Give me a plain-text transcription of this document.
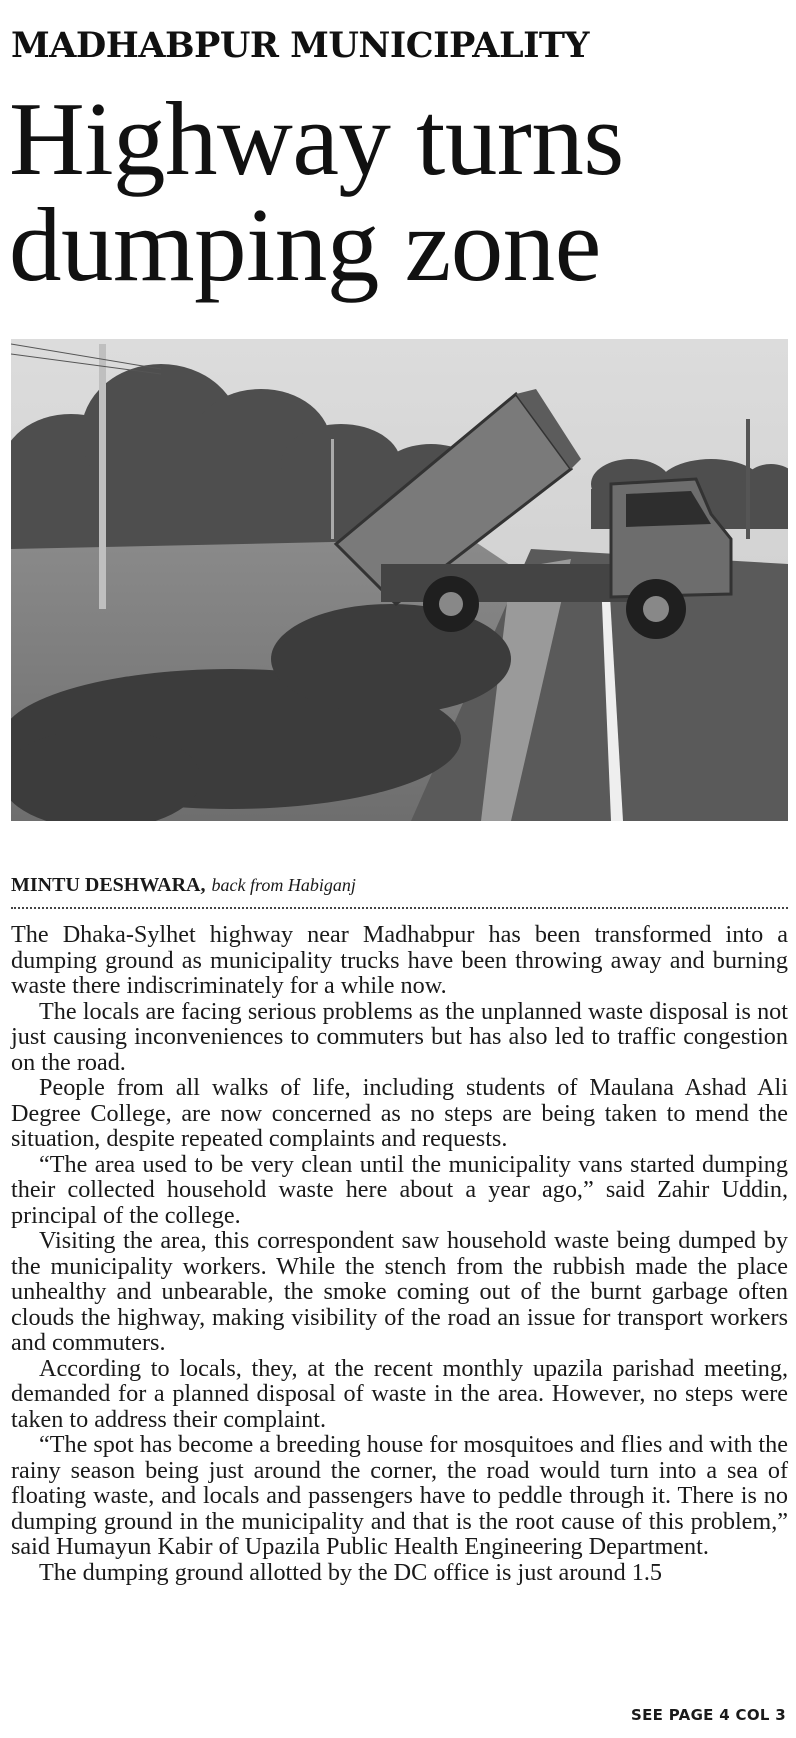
MADHABPUR MUNICIPALITY
Highway turns dumping zone
MINTU DESHWARA, back from Habiganj

The Dhaka-Sylhet highway near Madhabpur has been transformed into a dumping ground as municipality trucks have been throwing away and burning waste there indiscriminately for a while now.

The locals are facing serious problems as the unplanned waste disposal is not just causing inconveniences to commuters but has also led to traffic congestion on the road.

People from all walks of life, including students of Maulana Ashad Ali Degree College, are now concerned as no steps are being taken to mend the situation, despite repeated complaints and requests.

“The area used to be very clean until the municipality vans started dumping their collected household waste here about a year ago,” said Zahir Uddin, principal of the college.

Visiting the area, this correspondent saw household waste being dumped by the municipality workers. While the stench from the rubbish made the place unhealthy and unbearable, the smoke coming out of the burnt garbage often clouds the highway, making visibility of the road an issue for transport workers and commuters.

According to locals, they, at the recent monthly upazila parishad meeting, demanded for a planned disposal of waste in the area. However, no steps were taken to address their complaint.

“The spot has become a breeding house for mosquitoes and flies and with the rainy season being just around the corner, the road would turn into a sea of floating waste, and locals and passengers have to peddle through it. There is no dumping ground in the municipality and that is the root cause of this problem,” said Humayun Kabir of Upazila Public Health Engineering Department.

The dumping ground allotted by the DC office is just around 1.5

SEE PAGE 4 COL 3
